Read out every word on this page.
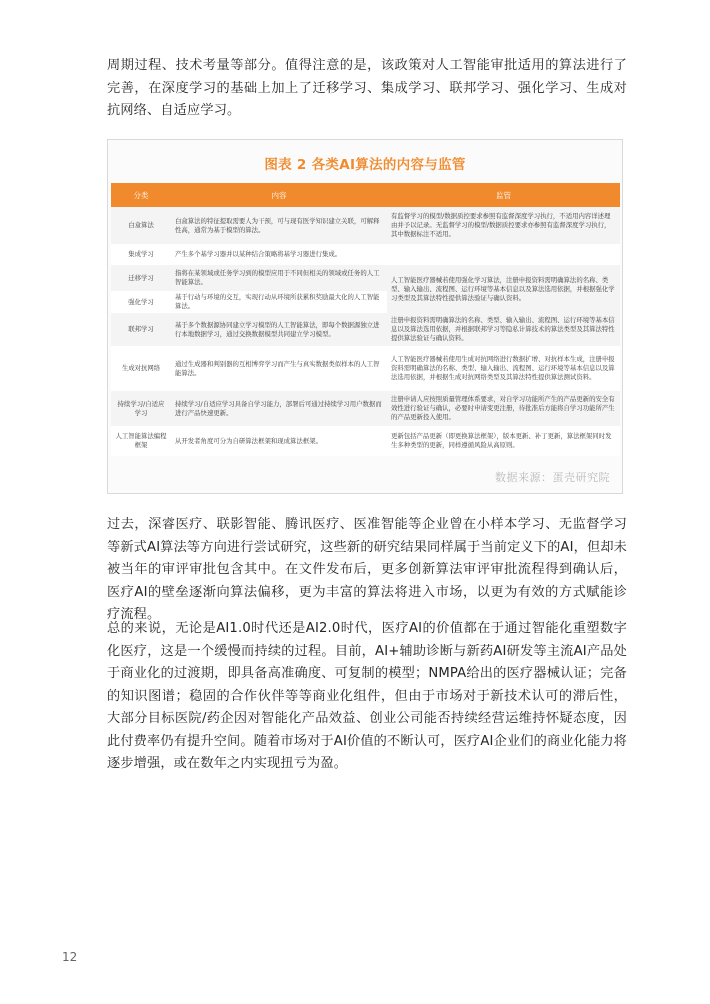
周期过程、技术考量等部分。值得注意的是，该政策对人工智能审批适用的算法进行了完善，在深度学习的基础上加上了迁移学习、集成学习、联邦学习、强化学习、生成对抗网络、自适应学习。

图表 2 各类AI算法的内容与监管
分类	内容	监管
白盒算法	白盒算法的特征提取需要人为干预，可与现有医学知识建立关联，可解释性高，通常为基于模型的算法。	有监督学习的模型/数据质控要求参照有监督深度学习执行，不适用内容详述理由并予以记录。无监督学习的模型/数据质控要求亦参照有监督深度学习执行，其中数据标注不适用。
集成学习	产生多个基学习器并以某种结合策略将基学习器进行集成。	
迁移学习	指将在某领域或任务学习到的模型应用于不同但相关的领域或任务的人工智能算法。	人工智能医疗器械若使用强化学习算法，注册申报资料需明确算法的名称、类型、输入输出、流程图、运行环境等基本信息以及算法选用依据，并根据强化学习类型及其算法特性提供算法验证与确认资料。
强化学习	基于行动与环境的交互，实现行动从环境所获累积奖励最大化的人工智能算法。	
联邦学习	基于多个数据源协同建立学习模型的人工智能算法，即每个数据源独立进行本地数据学习，通过交换数据模型共同建立学习模型。	注册申报资料需明确算法的名称、类型、输入输出、流程图、运行环境等基本信息以及算法选用依据，并根据联邦学习等隐私计算技术的算法类型及其算法特性提供算法验证与确认资料。
生成对抗网络	通过生成器和判别器的互相博弈学习而产生与真实数据类似样本的人工智能算法。	人工智能医疗器械若使用生成对抗网络进行数据扩增、对抗样本生成，注册申报资料需明确算法的名称、类型、输入输出、流程图、运行环境等基本信息以及算法选用依据，并根据生成对抗网络类型及其算法特性提供算法测试资料。
持续学习/自适应学习	持续学习/自适应学习具备自学习能力，部署后可通过持续学习用户数据而进行产品快速更新。	注册申请人应按照质量管理体系要求，对自学习功能所产生的产品更新的安全有效性进行验证与确认，必要时申请变更注册，待批准后方能将自学习功能所产生的产品更新投入使用。
人工智能算法编程框架	从开发者角度可分为自研算法框架和现成算法框架。	更新包括产品更新（即更换算法框架），版本更新、补丁更新，算法框架同时发生多种类型的更新，同样遵循风险从高原则。
数据来源：蛋壳研究院

过去，深睿医疗、联影智能、腾讯医疗、医准智能等企业曾在小样本学习、无监督学习等新式AI算法等方向进行尝试研究，这些新的研究结果同样属于当前定义下的AI，但却未被当年的审评审批包含其中。在文件发布后，更多创新算法审评审批流程得到确认后，医疗AI的壁垒逐渐向算法偏移，更为丰富的算法将进入市场，以更为有效的方式赋能诊疗流程。

总的来说，无论是AI1.0时代还是AI2.0时代，医疗AI的价值都在于通过智能化重塑数字化医疗，这是一个缓慢而持续的过程。目前，AI+辅助诊断与新药AI研发等主流AI产品处于商业化的过渡期，即具备高准确度、可复制的模型；NMPA给出的医疗器械认证；完备的知识图谱；稳固的合作伙伴等等商业化组件，但由于市场对于新技术认可的滞后性，大部分目标医院/药企因对智能化产品效益、创业公司能否持续经营运维持怀疑态度，因此付费率仍有提升空间。随着市场对于AI价值的不断认可，医疗AI企业们的商业化能力将逐步增强，或在数年之内实现扭亏为盈。

12
